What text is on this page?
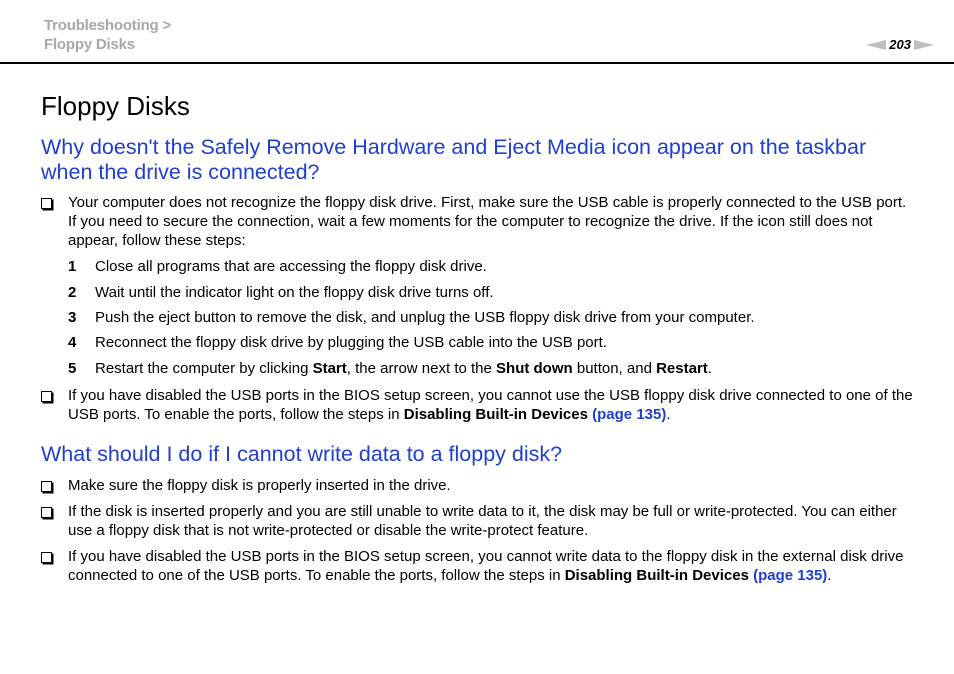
Troubleshooting >
Floppy Disks	203
Floppy Disks
Why doesn't the Safely Remove Hardware and Eject Media icon appear on the taskbar when the drive is connected?
Your computer does not recognize the floppy disk drive. First, make sure the USB cable is properly connected to the USB port. If you need to secure the connection, wait a few moments for the computer to recognize the drive. If the icon still does not appear, follow these steps:
1 Close all programs that are accessing the floppy disk drive.
2 Wait until the indicator light on the floppy disk drive turns off.
3 Push the eject button to remove the disk, and unplug the USB floppy disk drive from your computer.
4 Reconnect the floppy disk drive by plugging the USB cable into the USB port.
5 Restart the computer by clicking Start, the arrow next to the Shut down button, and Restart.
If you have disabled the USB ports in the BIOS setup screen, you cannot use the USB floppy disk drive connected to one of the USB ports. To enable the ports, follow the steps in Disabling Built-in Devices (page 135).
What should I do if I cannot write data to a floppy disk?
Make sure the floppy disk is properly inserted in the drive.
If the disk is inserted properly and you are still unable to write data to it, the disk may be full or write-protected. You can either use a floppy disk that is not write-protected or disable the write-protect feature.
If you have disabled the USB ports in the BIOS setup screen, you cannot write data to the floppy disk in the external disk drive connected to one of the USB ports. To enable the ports, follow the steps in Disabling Built-in Devices (page 135).
